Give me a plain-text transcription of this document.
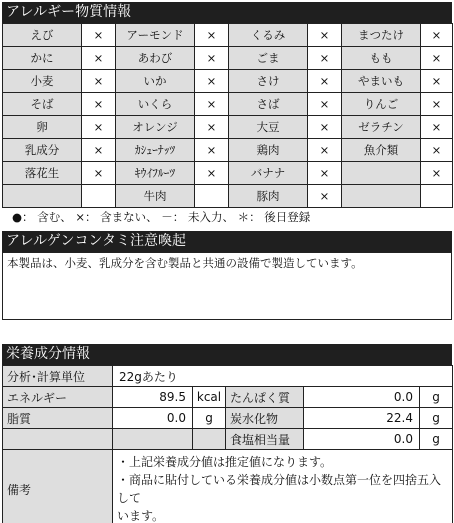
アレルギー物質情報
えび	×	アーモンド	×	くるみ	×	まつたけ	×
かに	×	あわび	×	ごま	×	もも	×
小麦	×	いか	×	さけ	×	やまいも	×
そば	×	いくら	×	さば	×	りんご	×
卵	×	オレンジ	×	大豆	×	ゼラチン	×
乳成分	×	ｶｼｭｰﾅｯﾂ	×	鶏肉	×	魚介類	×
落花生	×	ｷｳｲﾌﾙｰﾂ	×	バナナ	×		×
		牛肉		豚肉	×		
●： 含む、 ×： 含まない、 －： 未入力、 ＊： 後日登録
アレルゲンコンタミ注意喚起
本製品は、小麦、乳成分を含む製品と共通の設備で製造しています。
栄養成分情報
分析･計算単位	22gあたり				
エネルギー	89.5	kcal	たんぱく質	0.0	g
脂質	0.0	g	炭水化物	22.4	g
			食塩相当量	0.0	g
備考	・上記栄養成分値は推定値になります。
・商品に貼付している栄養成分値は小数点第一位を四捨五入して
います。				
